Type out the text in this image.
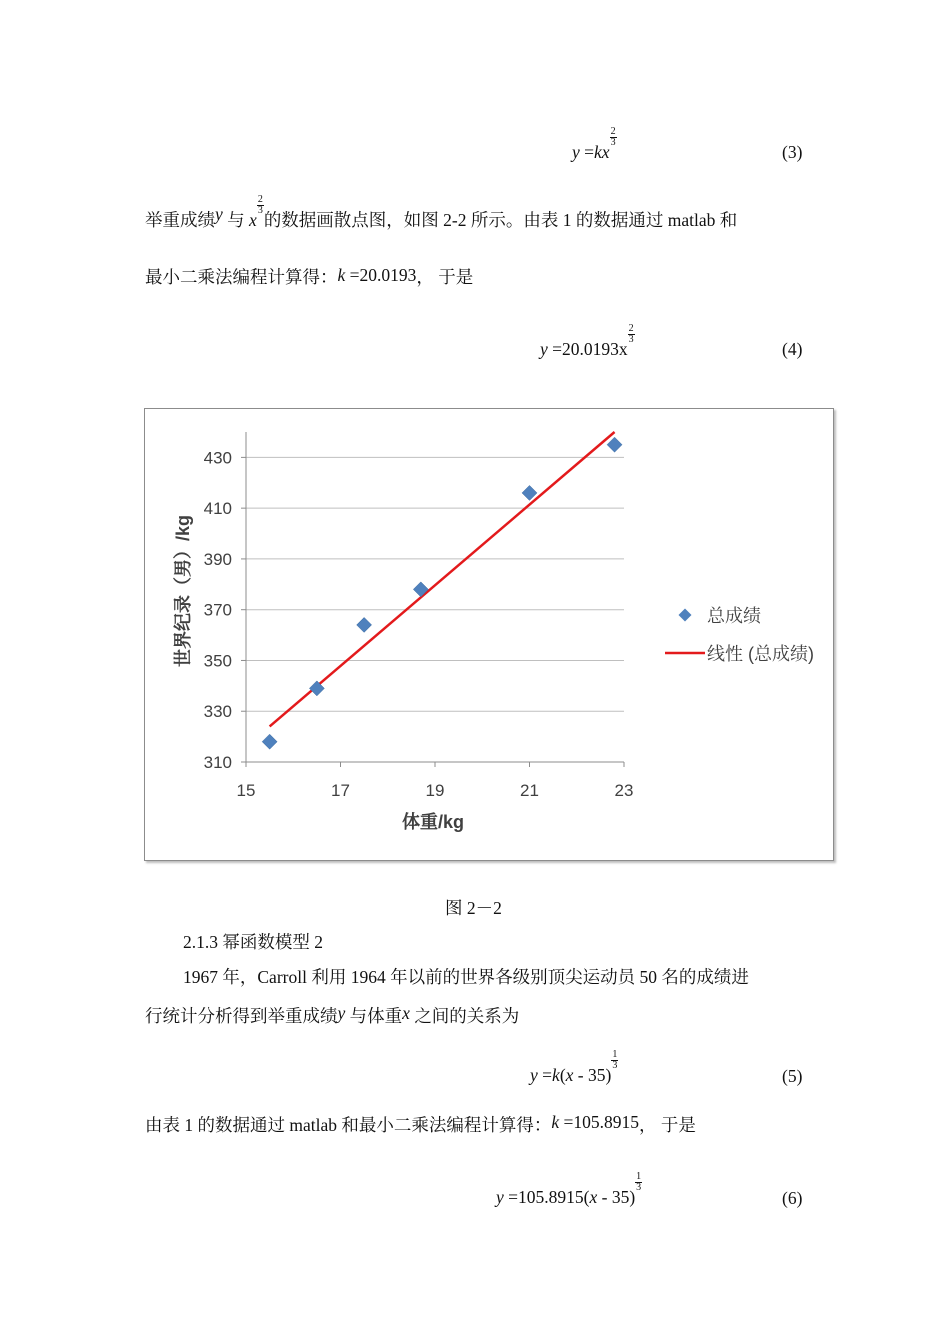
y =kx
$\frac{2}{3}$
(3)
举重成绩y 与 x
$\frac{2}{3}$
的数据画散点图，如图 2-2 所示。由表 1 的数据通过 matlab 和
最小二乘法编程计算得：k =20.0193， 于是
y =20.0193x
$\frac{2}{3}$
(4)
310
330
350
370
390
410
430
15	17	19	21	23
总成绩
线性 (总成绩)
体重/kg
世界纪录（男）/kg
图 2－2
2.1.3 幂函数模型 2
1967 年，Carroll 利用 1964 年以前的世界各级别顶尖运动员 50 名的成绩进
行统计分析得到举重成绩y 与体重x 之间的关系为
y =k(x - 35)
$\frac{1}{3}$
(5)
由表 1 的数据通过 matlab 和最小二乘法编程计算得：k =105.8915， 于是
y =105.8915(x - 35)
$\frac{1}{3}$
(6)
